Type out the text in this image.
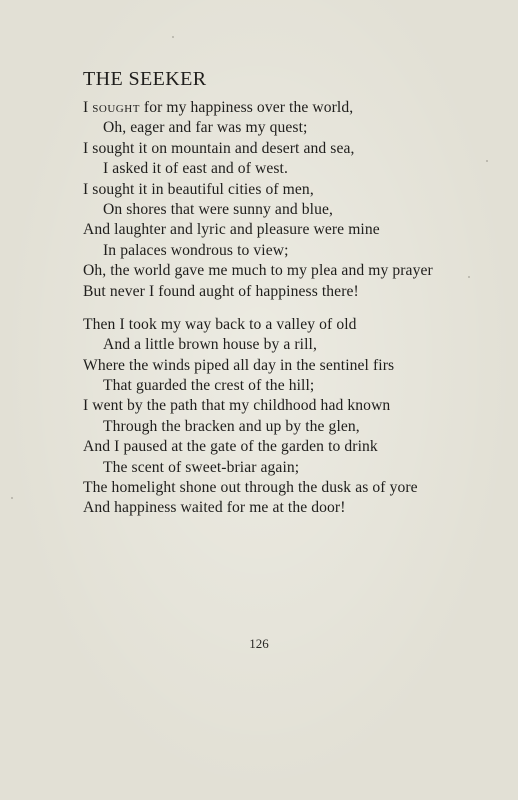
THE SEEKER

I sought for my happiness over the world,
Oh, eager and far was my quest;
I sought it on mountain and desert and sea,
I asked it of east and of west.
I sought it in beautiful cities of men,
On shores that were sunny and blue,
And laughter and lyric and pleasure were mine
In palaces wondrous to view;
Oh, the world gave me much to my plea and my prayer
But never I found aught of happiness there!

Then I took my way back to a valley of old
And a little brown house by a rill,
Where the winds piped all day in the sentinel firs
That guarded the crest of the hill;
I went by the path that my childhood had known
Through the bracken and up by the glen,
And I paused at the gate of the garden to drink
The scent of sweet-briar again;
The homelight shone out through the dusk as of yore
And happiness waited for me at the door!

126
